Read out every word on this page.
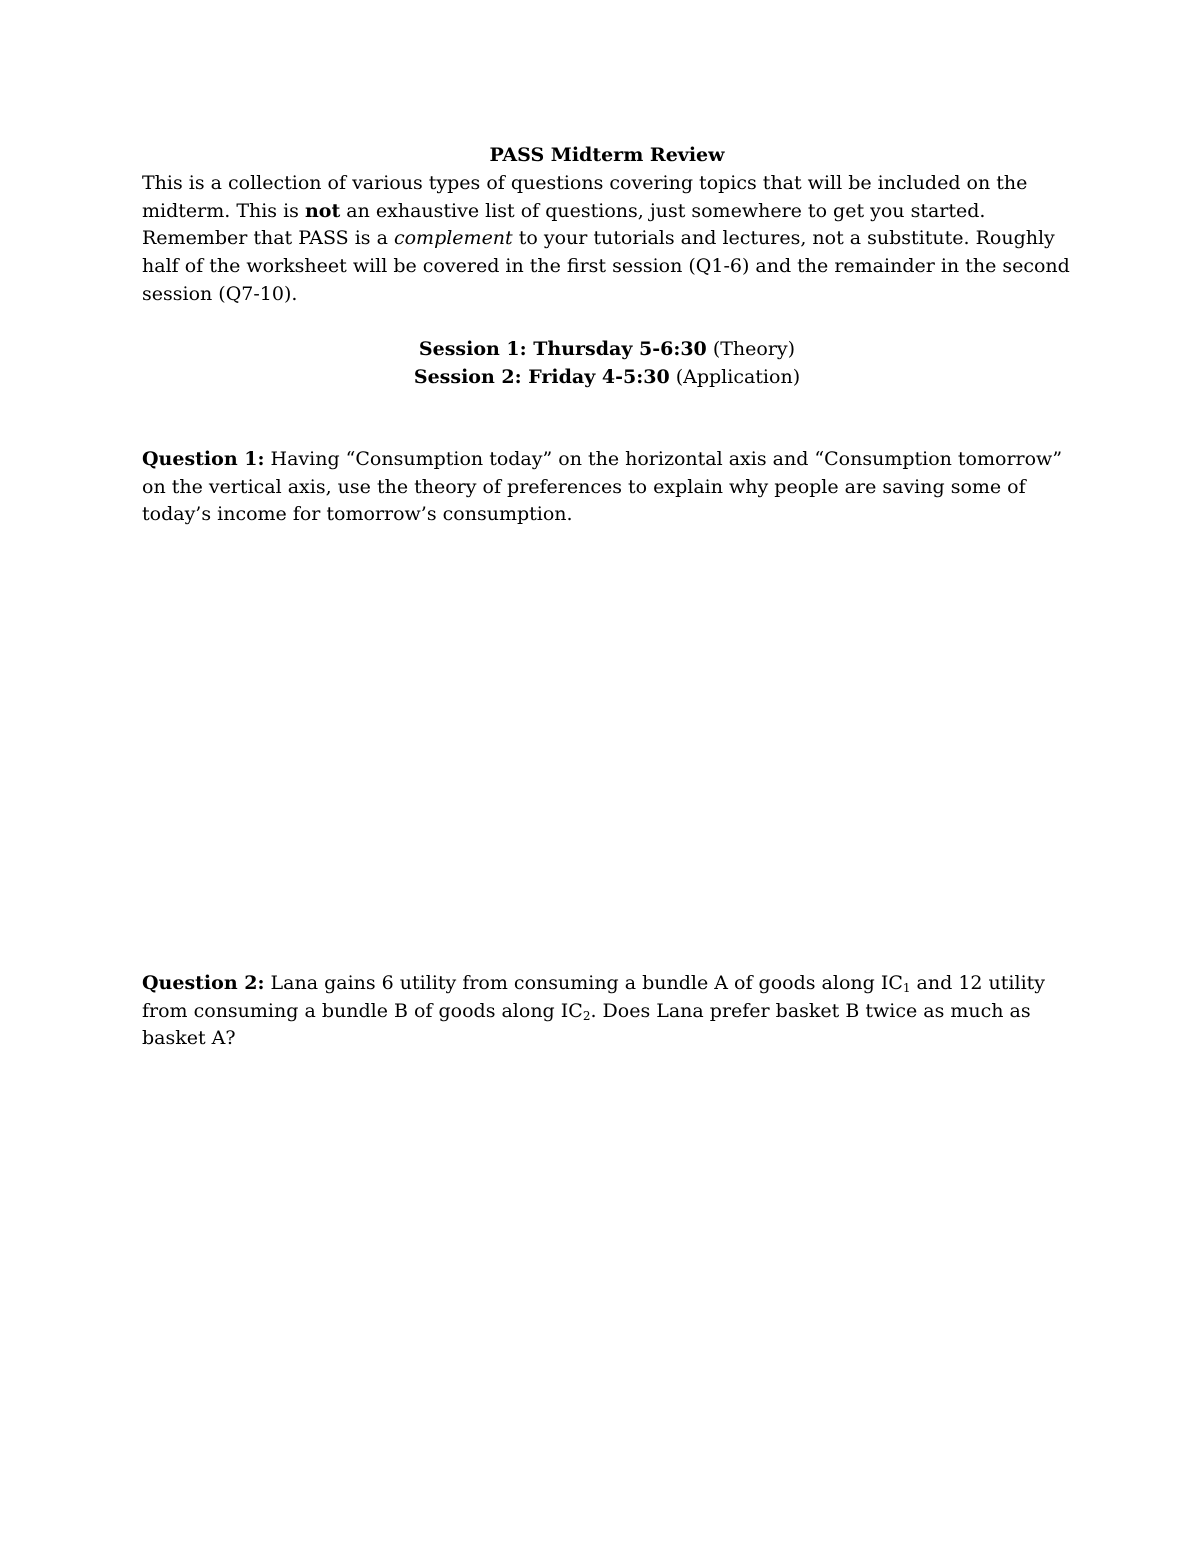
PASS Midterm Review
This is a collection of various types of questions covering topics that will be included on the midterm. This is not an exhaustive list of questions, just somewhere to get you started. Remember that PASS is a complement to your tutorials and lectures, not a substitute. Roughly half of the worksheet will be covered in the first session (Q1-6) and the remainder in the second session (Q7-10).
Session 1: Thursday 5-6:30 (Theory)
Session 2: Friday 4-5:30 (Application)
Question 1: Having “Consumption today” on the horizontal axis and “Consumption tomorrow” on the vertical axis, use the theory of preferences to explain why people are saving some of today’s income for tomorrow’s consumption.
Question 2: Lana gains 6 utility from consuming a bundle A of goods along $IC_1$ and 12 utility from consuming a bundle B of goods along $IC_2$. Does Lana prefer basket B twice as much as basket A?
